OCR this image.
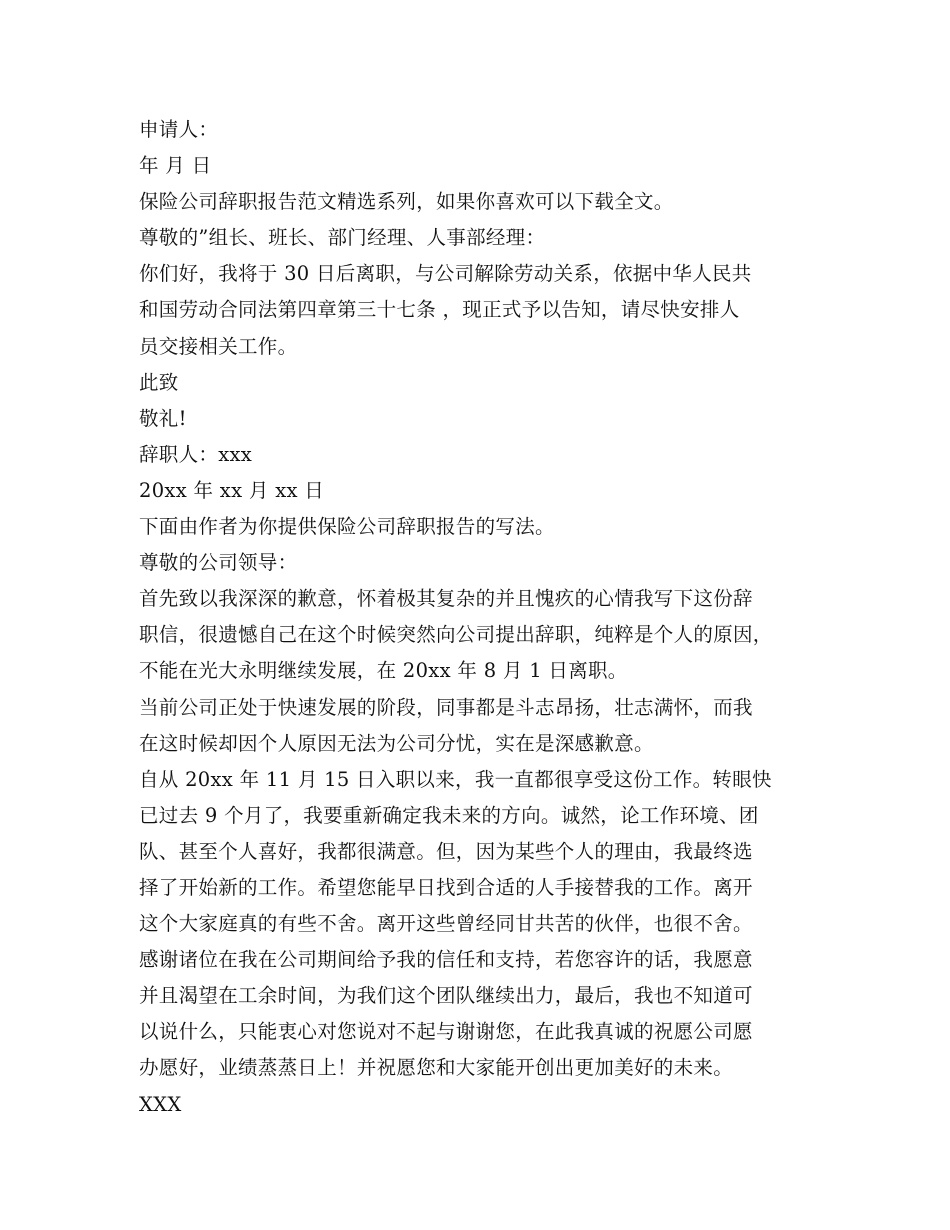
申请人：
年 月 日
保险公司辞职报告范文精选系列，如果你喜欢可以下载全文。
尊敬的”组长、班长、部门经理、人事部经理：
你们好，我将于 30 日后离职，与公司解除劳动关系，依据中华人民共
和国劳动合同法第四章第三十七条 ，现正式予以告知，请尽快安排人
员交接相关工作。
此致
敬礼!
辞职人：xxx
20xx 年 xx 月 xx 日
下面由作者为你提供保险公司辞职报告的写法。
尊敬的公司领导：
首先致以我深深的歉意，怀着极其复杂的并且愧疚的心情我写下这份辞
职信，很遗憾自己在这个时候突然向公司提出辞职，纯粹是个人的原因，
不能在光大永明继续发展，在 20xx 年 8 月 1 日离职。
当前公司正处于快速发展的阶段，同事都是斗志昂扬，壮志满怀，而我
在这时候却因个人原因无法为公司分忧，实在是深感歉意。
自从 20xx 年 11 月 15 日入职以来，我一直都很享受这份工作。转眼快
已过去 9 个月了，我要重新确定我未来的方向。诚然，论工作环境、团
队、甚至个人喜好，我都很满意。但，因为某些个人的理由，我最终选
择了开始新的工作。希望您能早日找到合适的人手接替我的工作。离开
这个大家庭真的有些不舍。离开这些曾经同甘共苦的伙伴，也很不舍。
感谢诸位在我在公司期间给予我的信任和支持，若您容许的话，我愿意
并且渴望在工余时间，为我们这个团队继续出力，最后，我也不知道可
以说什么，只能衷心对您说对不起与谢谢您，在此我真诚的祝愿公司愿
办愿好，业绩蒸蒸日上！并祝愿您和大家能开创出更加美好的未来。
XXX
